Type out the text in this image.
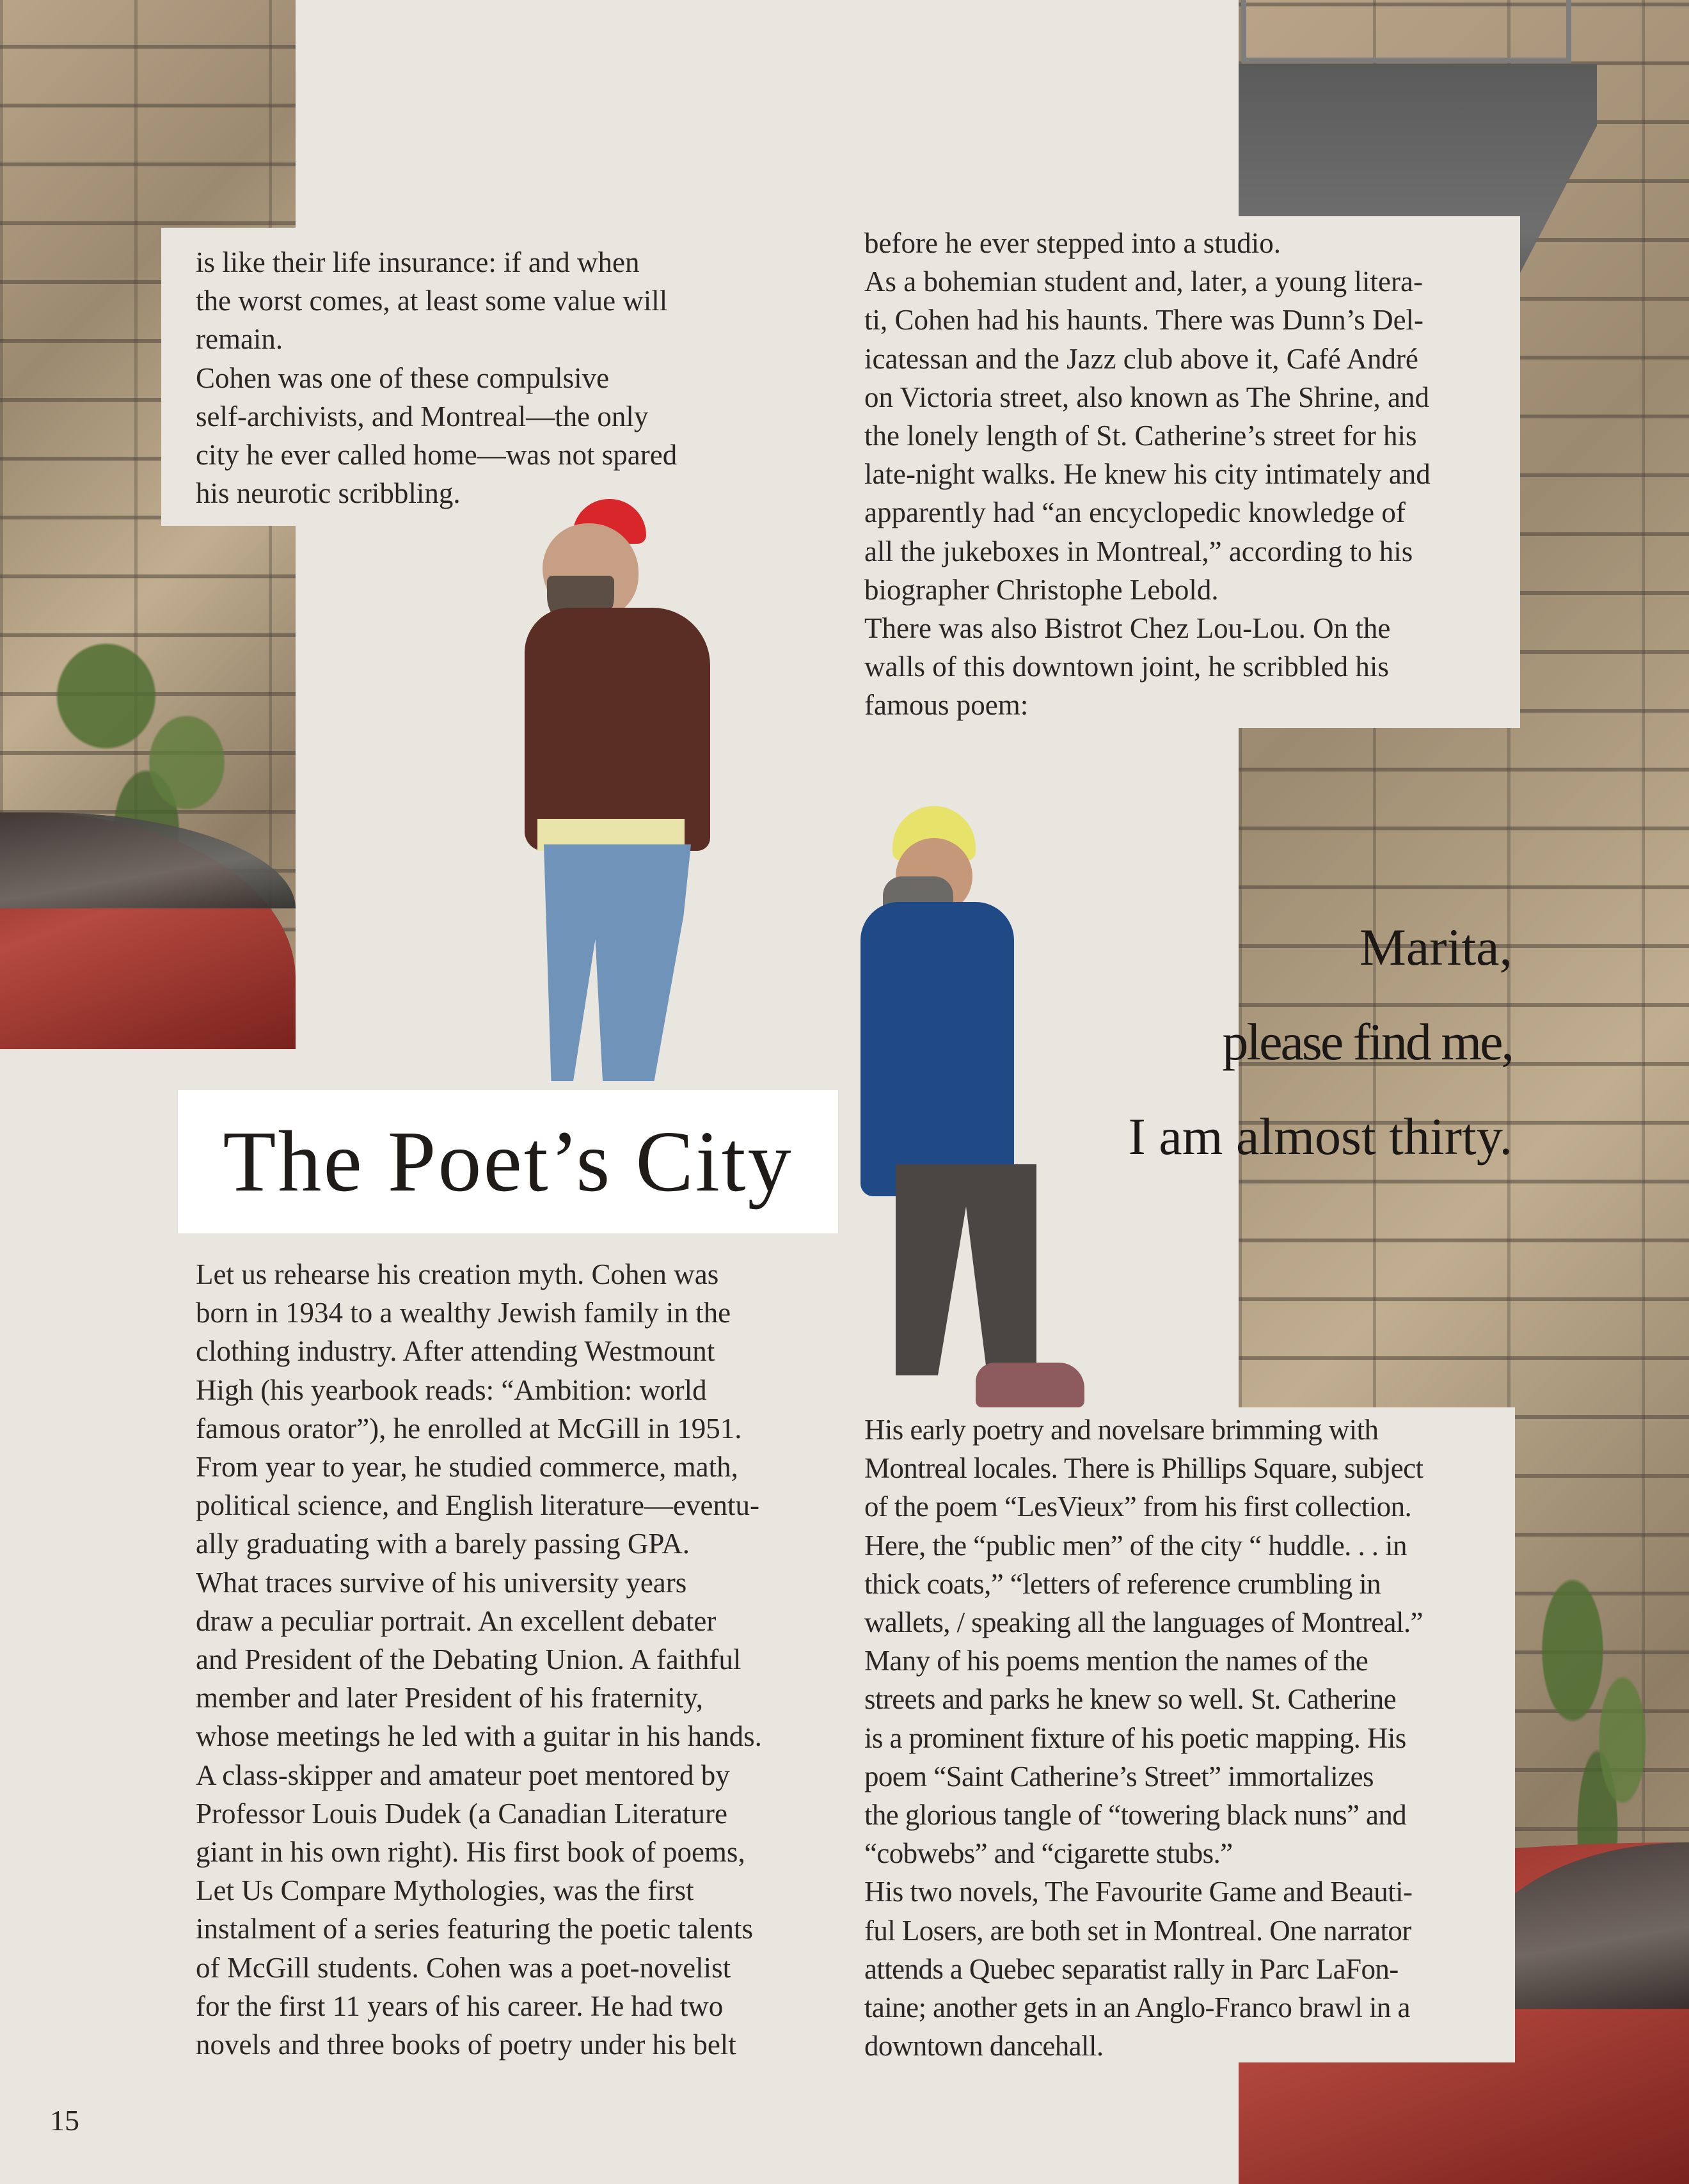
is like their life insurance: if and when
the worst comes, at least some value will
remain.
Cohen was one of these compulsive
self-archivists, and Montreal—the only
city he ever called home—was not spared
his neurotic scribbling.

before he ever stepped into a studio.
As a bohemian student and, later, a young litera-
ti, Cohen had his haunts. There was Dunn’s Del-
icatessan and the Jazz club above it, Café André
on Victoria street, also known as The Shrine, and
the lonely length of St. Catherine’s street for his
late-night walks. He knew his city intimately and
apparently had “an encyclopedic knowledge of
all the jukeboxes in Montreal,” according to his
biographer Christophe Lebold.
There was also Bistrot Chez Lou-Lou. On the
walls of this downtown joint, he scribbled his
famous poem:

His early poetry and novelsare brimming with
Montreal locales. There is Phillips Square, subject
of the poem “LesVieux” from his first collection.
Here, the “public men” of the city “ huddle. . . in
thick coats,” “letters of reference crumbling in
wallets, / speaking all the languages of Montreal.”
Many of his poems mention the names of the
streets and parks he knew so well. St. Catherine
is a prominent fixture of his poetic mapping. His
poem “Saint Catherine’s Street” immortalizes
the glorious tangle of “towering black nuns” and
“cobwebs” and “cigarette stubs.”
His two novels, The Favourite Game and Beauti-
ful Losers, are both set in Montreal. One narrator
attends a Quebec separatist rally in Parc LaFon-
taine; another gets in an Anglo-Franco brawl in a
downtown dancehall.

The Poet’s City

Let us rehearse his creation myth. Cohen was
born in 1934 to a wealthy Jewish family in the
clothing industry. After attending Westmount
High (his yearbook reads: “Ambition: world
famous orator”), he enrolled at McGill in 1951.
From year to year, he studied commerce, math,
political science, and English literature—eventu-
ally graduating with a barely passing GPA.
What traces survive of his university years
draw a peculiar portrait. An excellent debater
and President of the Debating Union. A faithful
member and later President of his fraternity,
whose meetings he led with a guitar in his hands.
A class-skipper and amateur poet mentored by
Professor Louis Dudek (a Canadian Literature
giant in his own right). His first book of poems,
Let Us Compare Mythologies, was the first
instalment of a series featuring the poetic talents
of McGill students. Cohen was a poet-novelist
for the first 11 years of his career. He had two
novels and three books of poetry under his belt

Marita,

please find me,

I am almost thirty.

15
